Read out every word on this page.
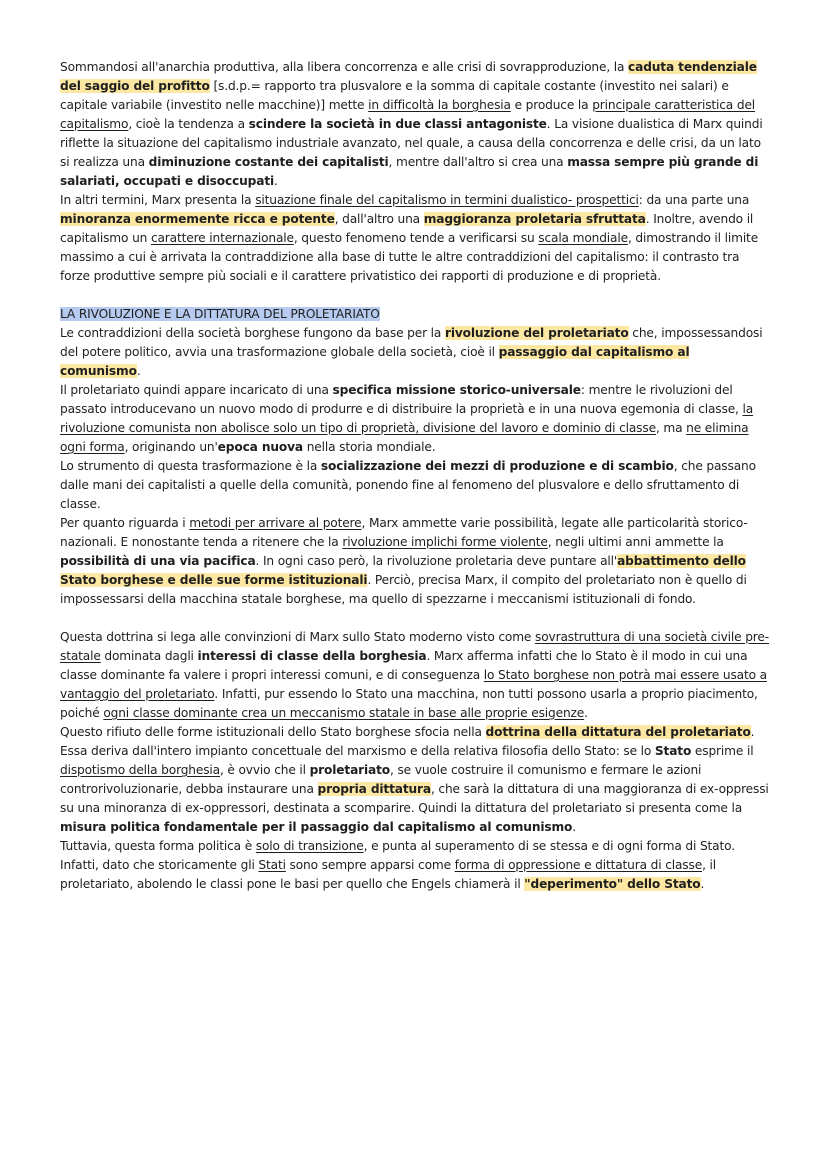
Sommandosi all'anarchia produttiva, alla libera concorrenza e alle crisi di sovrapproduzione, la caduta tendenziale del saggio del profitto [s.d.p.= rapporto tra plusvalore e la somma di capitale costante (investito nei salari) e capitale variabile (investito nelle macchine)] mette in difficoltà la borghesia e produce la principale caratteristica del capitalismo, cioè la tendenza a scindere la società in due classi antagoniste. La visione dualistica di Marx quindi riflette la situazione del capitalismo industriale avanzato, nel quale, a causa della concorrenza e delle crisi, da un lato si realizza una diminuzione costante dei capitalisti, mentre dall'altro si crea una massa sempre più grande di salariati, occupati e disoccupati.

In altri termini, Marx presenta la situazione finale del capitalismo in termini dualistico- prospettici: da una parte una minoranza enormemente ricca e potente, dall'altro una maggioranza proletaria sfruttata. Inoltre, avendo il capitalismo un carattere internazionale, questo fenomeno tende a verificarsi su scala mondiale, dimostrando il limite massimo a cui è arrivata la contraddizione alla base di tutte le altre contraddizioni del capitalismo: il contrasto tra forze produttive sempre più sociali e il carattere privatistico dei rapporti di produzione e di proprietà.

LA RIVOLUZIONE E LA DITTATURA DEL PROLETARIATO

Le contraddizioni della società borghese fungono da base per la rivoluzione del proletariato che, impossessandosi del potere politico, avvia una trasformazione globale della società, cioè il passaggio dal capitalismo al comunismo.

Il proletariato quindi appare incaricato di una specifica missione storico-universale: mentre le rivoluzioni del passato introducevano un nuovo modo di produrre e di distribuire la proprietà e in una nuova egemonia di classe, la rivoluzione comunista non abolisce solo un tipo di proprietà, divisione del lavoro e dominio di classe, ma ne elimina ogni forma, originando un'epoca nuova nella storia mondiale.

Lo strumento di questa trasformazione è la socializzazione dei mezzi di produzione e di scambio, che passano dalle mani dei capitalisti a quelle della comunità, ponendo fine al fenomeno del plusvalore e dello sfruttamento di classe.

Per quanto riguarda i metodi per arrivare al potere, Marx ammette varie possibilità, legate alle particolarità storico-nazionali. E nonostante tenda a ritenere che la rivoluzione implichi forme violente, negli ultimi anni ammette la possibilità di una via pacifica. In ogni caso però, la rivoluzione proletaria deve puntare all'abbattimento dello Stato borghese e delle sue forme istituzionali. Perciò, precisa Marx, il compito del proletariato non è quello di impossessarsi della macchina statale borghese, ma quello di spezzarne i meccanismi istituzionali di fondo.

Questa dottrina si lega alle convinzioni di Marx sullo Stato moderno visto come sovrastruttura di una società civile pre-statale dominata dagli interessi di classe della borghesia. Marx afferma infatti che lo Stato è il modo in cui una classe dominante fa valere i propri interessi comuni, e di conseguenza lo Stato borghese non potrà mai essere usato a vantaggio del proletariato. Infatti, pur essendo lo Stato una macchina, non tutti possono usarla a proprio piacimento, poiché ogni classe dominante crea un meccanismo statale in base alle proprie esigenze.

Questo rifiuto delle forme istituzionali dello Stato borghese sfocia nella dottrina della dittatura del proletariato. Essa deriva dall'intero impianto concettuale del marxismo e della relativa filosofia dello Stato: se lo Stato esprime il dispotismo della borghesia, è ovvio che il proletariato, se vuole costruire il comunismo e fermare le azioni controrivoluzionarie, debba instaurare una propria dittatura, che sarà la dittatura di una maggioranza di ex-oppressi su una minoranza di ex-oppressori, destinata a scomparire. Quindi la dittatura del proletariato si presenta come la misura politica fondamentale per il passaggio dal capitalismo al comunismo.

Tuttavia, questa forma politica è solo di transizione, e punta al superamento di se stessa e di ogni forma di Stato. Infatti, dato che storicamente gli Stati sono sempre apparsi come forma di oppressione e dittatura di classe, il proletariato, abolendo le classi pone le basi per quello che Engels chiamerà il "deperimento" dello Stato.
